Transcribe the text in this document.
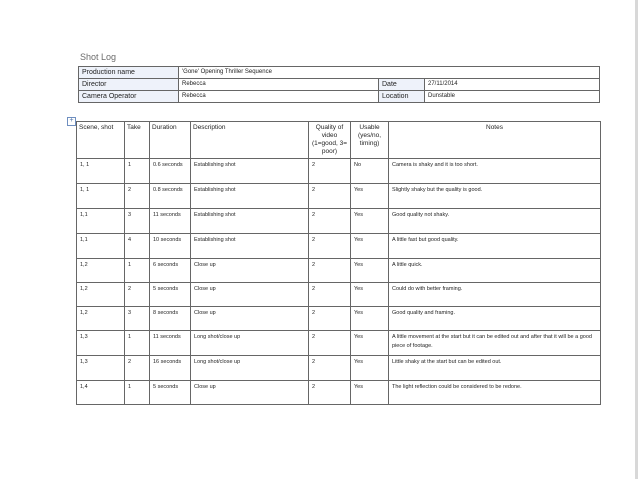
Shot Log
Production name	'Gone' Opening Thriller Sequence		
Director	Rebecca	Date	27/11/2014
Camera Operator	Rebecca	Location	Dunstable
+
Scene, shot	Take	Duration	Description	Quality of video (1=good, 3= poor)	Usable (yes/no, timing)	Notes
1, 1	1	0.6 seconds	Establishing shot	2	No	Camera is shaky and it is too short.
1, 1	2	0.8 seconds	Establishing shot	2	Yes	Slightly shaky but the quality is good.
1,1	3	11 seconds	Establishing shot	2	Yes	Good quality not shaky.
1,1	4	10 seconds	Establishing shot	2	Yes	A little fast but good quality.
1,2	1	6 seconds	Close up	2	Yes	A little quick.
1,2	2	5 seconds	Close up	2	Yes	Could do with better framing.
1,2	3	8 seconds	Close up	2	Yes	Good quality and framing.
1,3	1	11 seconds	Long shot/close up	2	Yes	A little movement at the start but it can be edited out and after that it will be a good piece of footage.
1,3	2	16 seconds	Long shot/close up	2	Yes	Little shaky at the start but can be edited out.
1,4	1	5 seconds	Close up	2	Yes	The light reflection could be considered to be redone.
